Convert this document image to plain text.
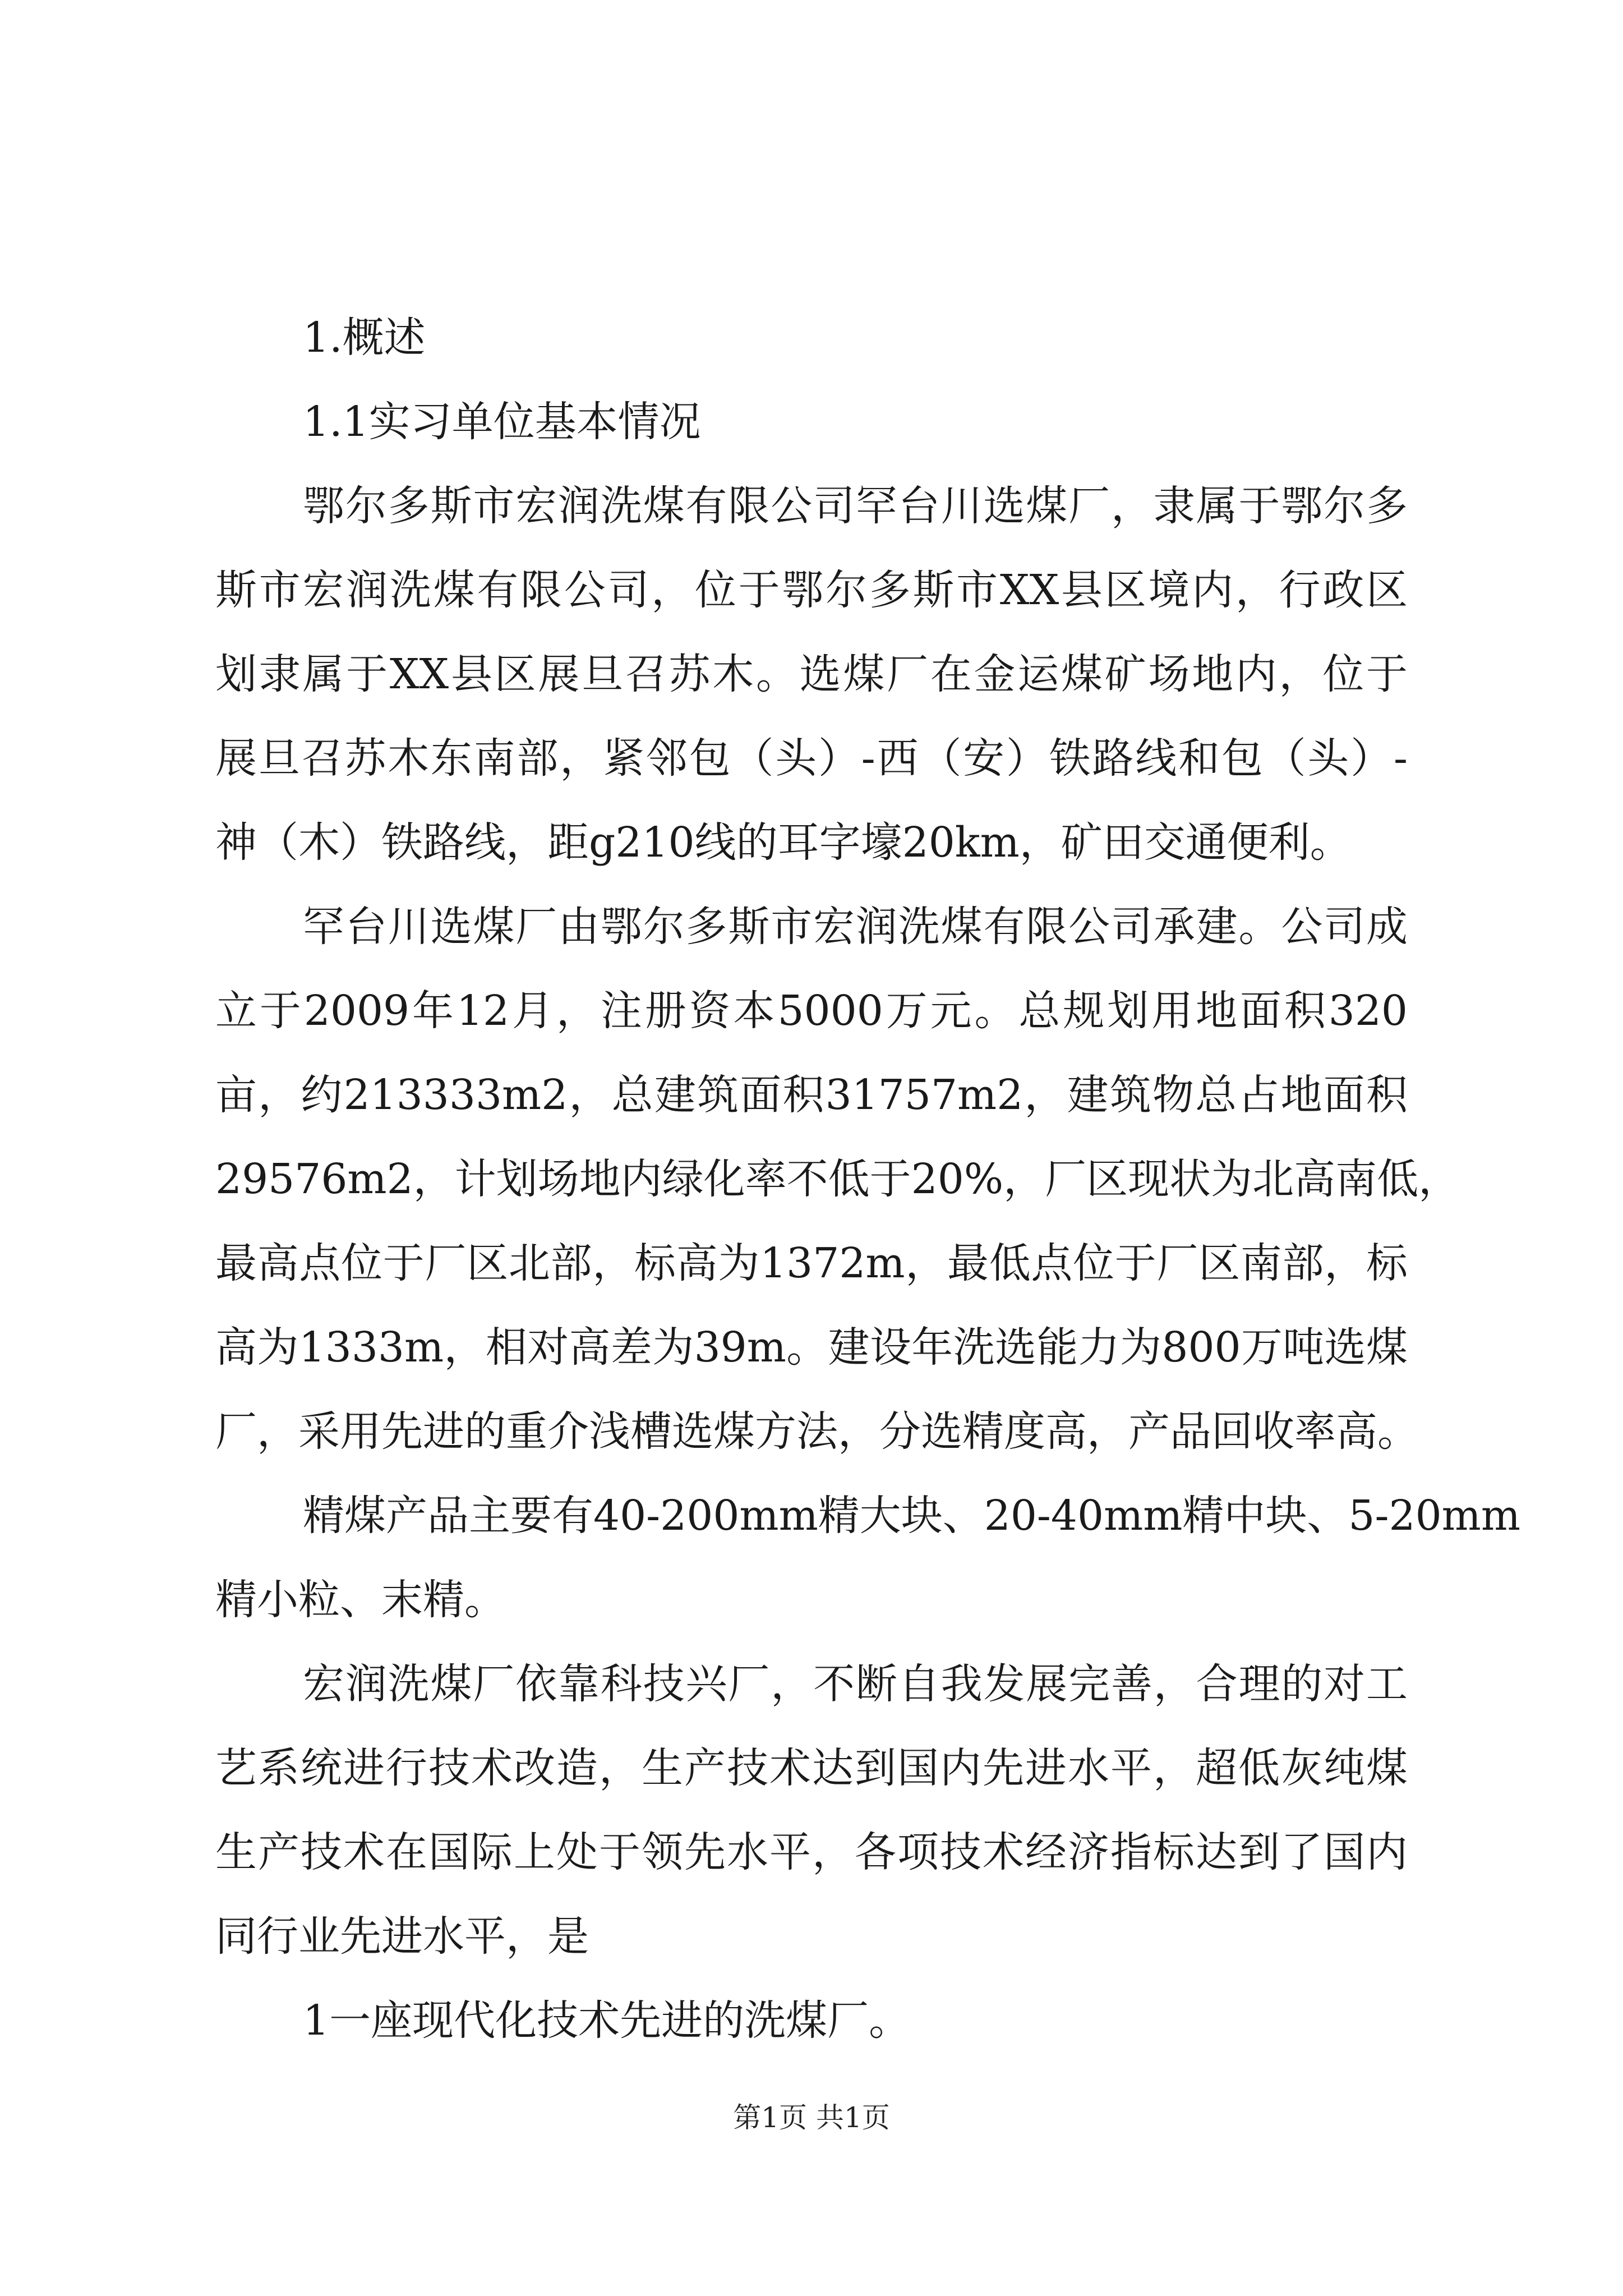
1.概述
1.1实习单位基本情况
鄂尔多斯市宏润洗煤有限公司罕台川选煤厂，隶属于鄂尔多
斯市宏润洗煤有限公司，位于鄂尔多斯市XX县区境内，行政区
划隶属于XX县区展旦召苏木。选煤厂在金运煤矿场地内，位于
展旦召苏木东南部，紧邻包（头）-西（安）铁路线和包（头）-
神（木）铁路线，距g210线的耳字壕20km，矿田交通便利。
罕台川选煤厂由鄂尔多斯市宏润洗煤有限公司承建。公司成
立于2009年12月，注册资本5000万元。总规划用地面积320
亩，约213333m2，总建筑面积31757m2，建筑物总占地面积
29576m2，计划场地内绿化率不低于20%，厂区现状为北高南低，
最高点位于厂区北部，标高为1372m，最低点位于厂区南部，标
高为1333m，相对高差为39m。建设年洗选能力为800万吨选煤
厂，采用先进的重介浅槽选煤方法，分选精度高，产品回收率高。
精煤产品主要有40-200mm精大块、20-40mm精中块、5-20mm
精小粒、末精。
宏润洗煤厂依靠科技兴厂，不断自我发展完善，合理的对工
艺系统进行技术改造，生产技术达到国内先进水平，超低灰纯煤
生产技术在国际上处于领先水平，各项技术经济指标达到了国内
同行业先进水平，是
1一座现代化技术先进的洗煤厂。
第1页 共1页
